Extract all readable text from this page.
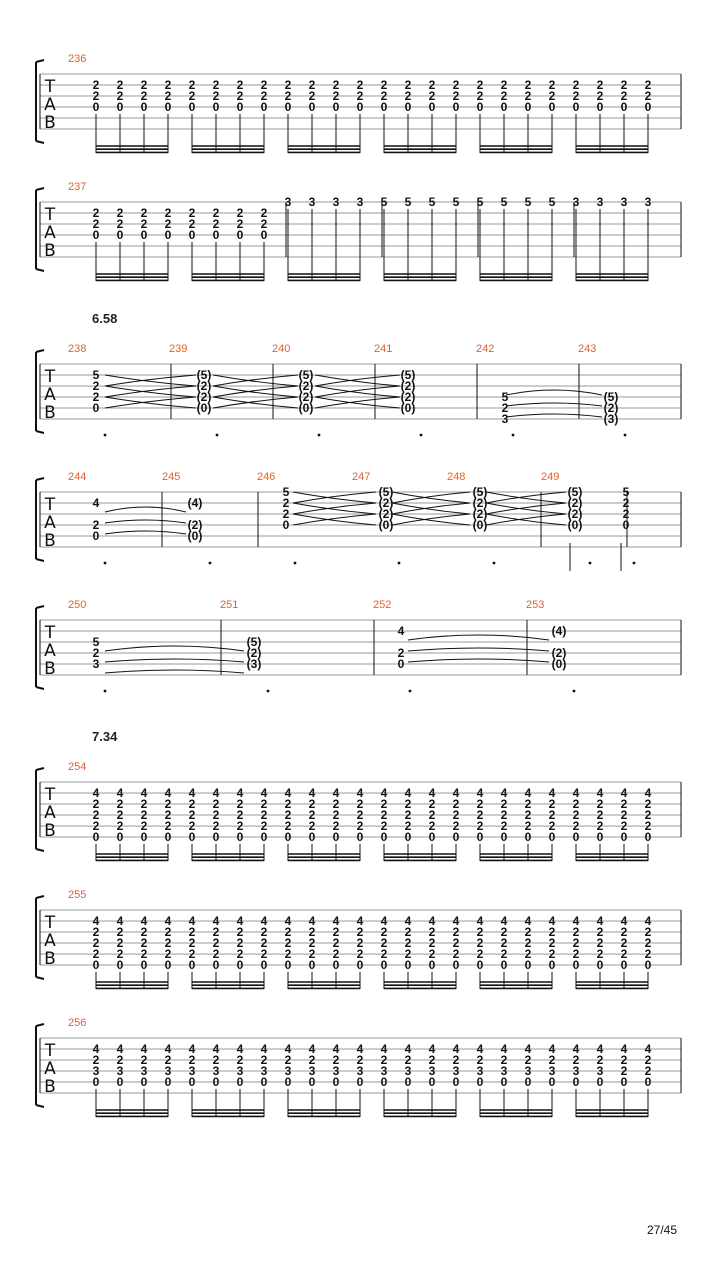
6.58
7.34
T
A
B
236
2
2
0
2
2
0
2
2
0
2
2
0
2
2
0
2
2
0
2
2
0
2
2
0
2
2
0
2
2
0
2
2
0
2
2
0
2
2
0
2
2
0
2
2
0
2
2
0
2
2
0
2
2
0
2
2
0
2
2
0
2
2
0
2
2
0
2
2
0
2
2
0
T
A
B
237
2
2
0
2
2
0
2
2
0
2
2
0
2
2
0
2
2
0
2
2
0
2
2
0
3 3 3 3 5 5 5 5 5 5 5 5 3 3 3 3
T
A
B
238
5
2
2
0
239
(5)
(2)
(2)
(0)
240
(5)
(2)
(2)
(0)
241
(5)
(2)
(2)
(0)
242
5
2
3
243
(5)
(2)
(3)
T
A
B
244
4
2
0
245
(4)
(2)
(0)
246
5
2
2
0
247
(5)
(2)
(2)
(0)
248
(5)
(2)
(2)
(0)
249
(5)
(2)
(2)
(0)
5
2
2
0
T
A
B
250
5
2
3
251
(5)
(2)
(3)
252
4
2
0
253
(4)
(2)
(0)
T
A
B
254
4
2
2
2
0
4
2
2
2
0
4
2
2
2
0
4
2
2
2
0
4
2
2
2
0
4
2
2
2
0
4
2
2
2
0
4
2
2
2
0
4
2
2
2
0
4
2
2
2
0
4
2
2
2
0
4
2
2
2
0
4
2
2
2
0
4
2
2
2
0
4
2
2
2
0
4
2
2
2
0
4
2
2
2
0
4
2
2
2
0
4
2
2
2
0
4
2
2
2
0
4
2
2
2
0
4
2
2
2
0
4
2
2
2
0
4
2
2
2
0
T
A
B
255
4
2
2
2
0
4
2
2
2
0
4
2
2
2
0
4
2
2
2
0
4
2
2
2
0
4
2
2
2
0
4
2
2
2
0
4
2
2
2
0
4
2
2
2
0
4
2
2
2
0
4
2
2
2
0
4
2
2
2
0
4
2
2
2
0
4
2
2
2
0
4
2
2
2
0
4
2
2
2
0
4
2
2
2
0
4
2
2
2
0
4
2
2
2
0
4
2
2
2
0
4
2
2
2
0
4
2
2
2
0
4
2
2
2
0
4
2
2
2
0
T
A
B
256
4
2
3
0
4
2
3
0
4
2
3
0
4
2
3
0
4
2
3
0
4
2
3
0
4
2
3
0
4
2
3
0
4
2
3
0
4
2
3
0
4
2
3
0
4
2
3
0
4
2
3
0
4
2
3
0
4
2
3
0
4
2
3
0
4
2
3
0
4
2
3
0
4
2
3
0
4
2
3
0
4
2
3
0
4
2
3
0
4
2
2
0
4
2
2
0
27/45
